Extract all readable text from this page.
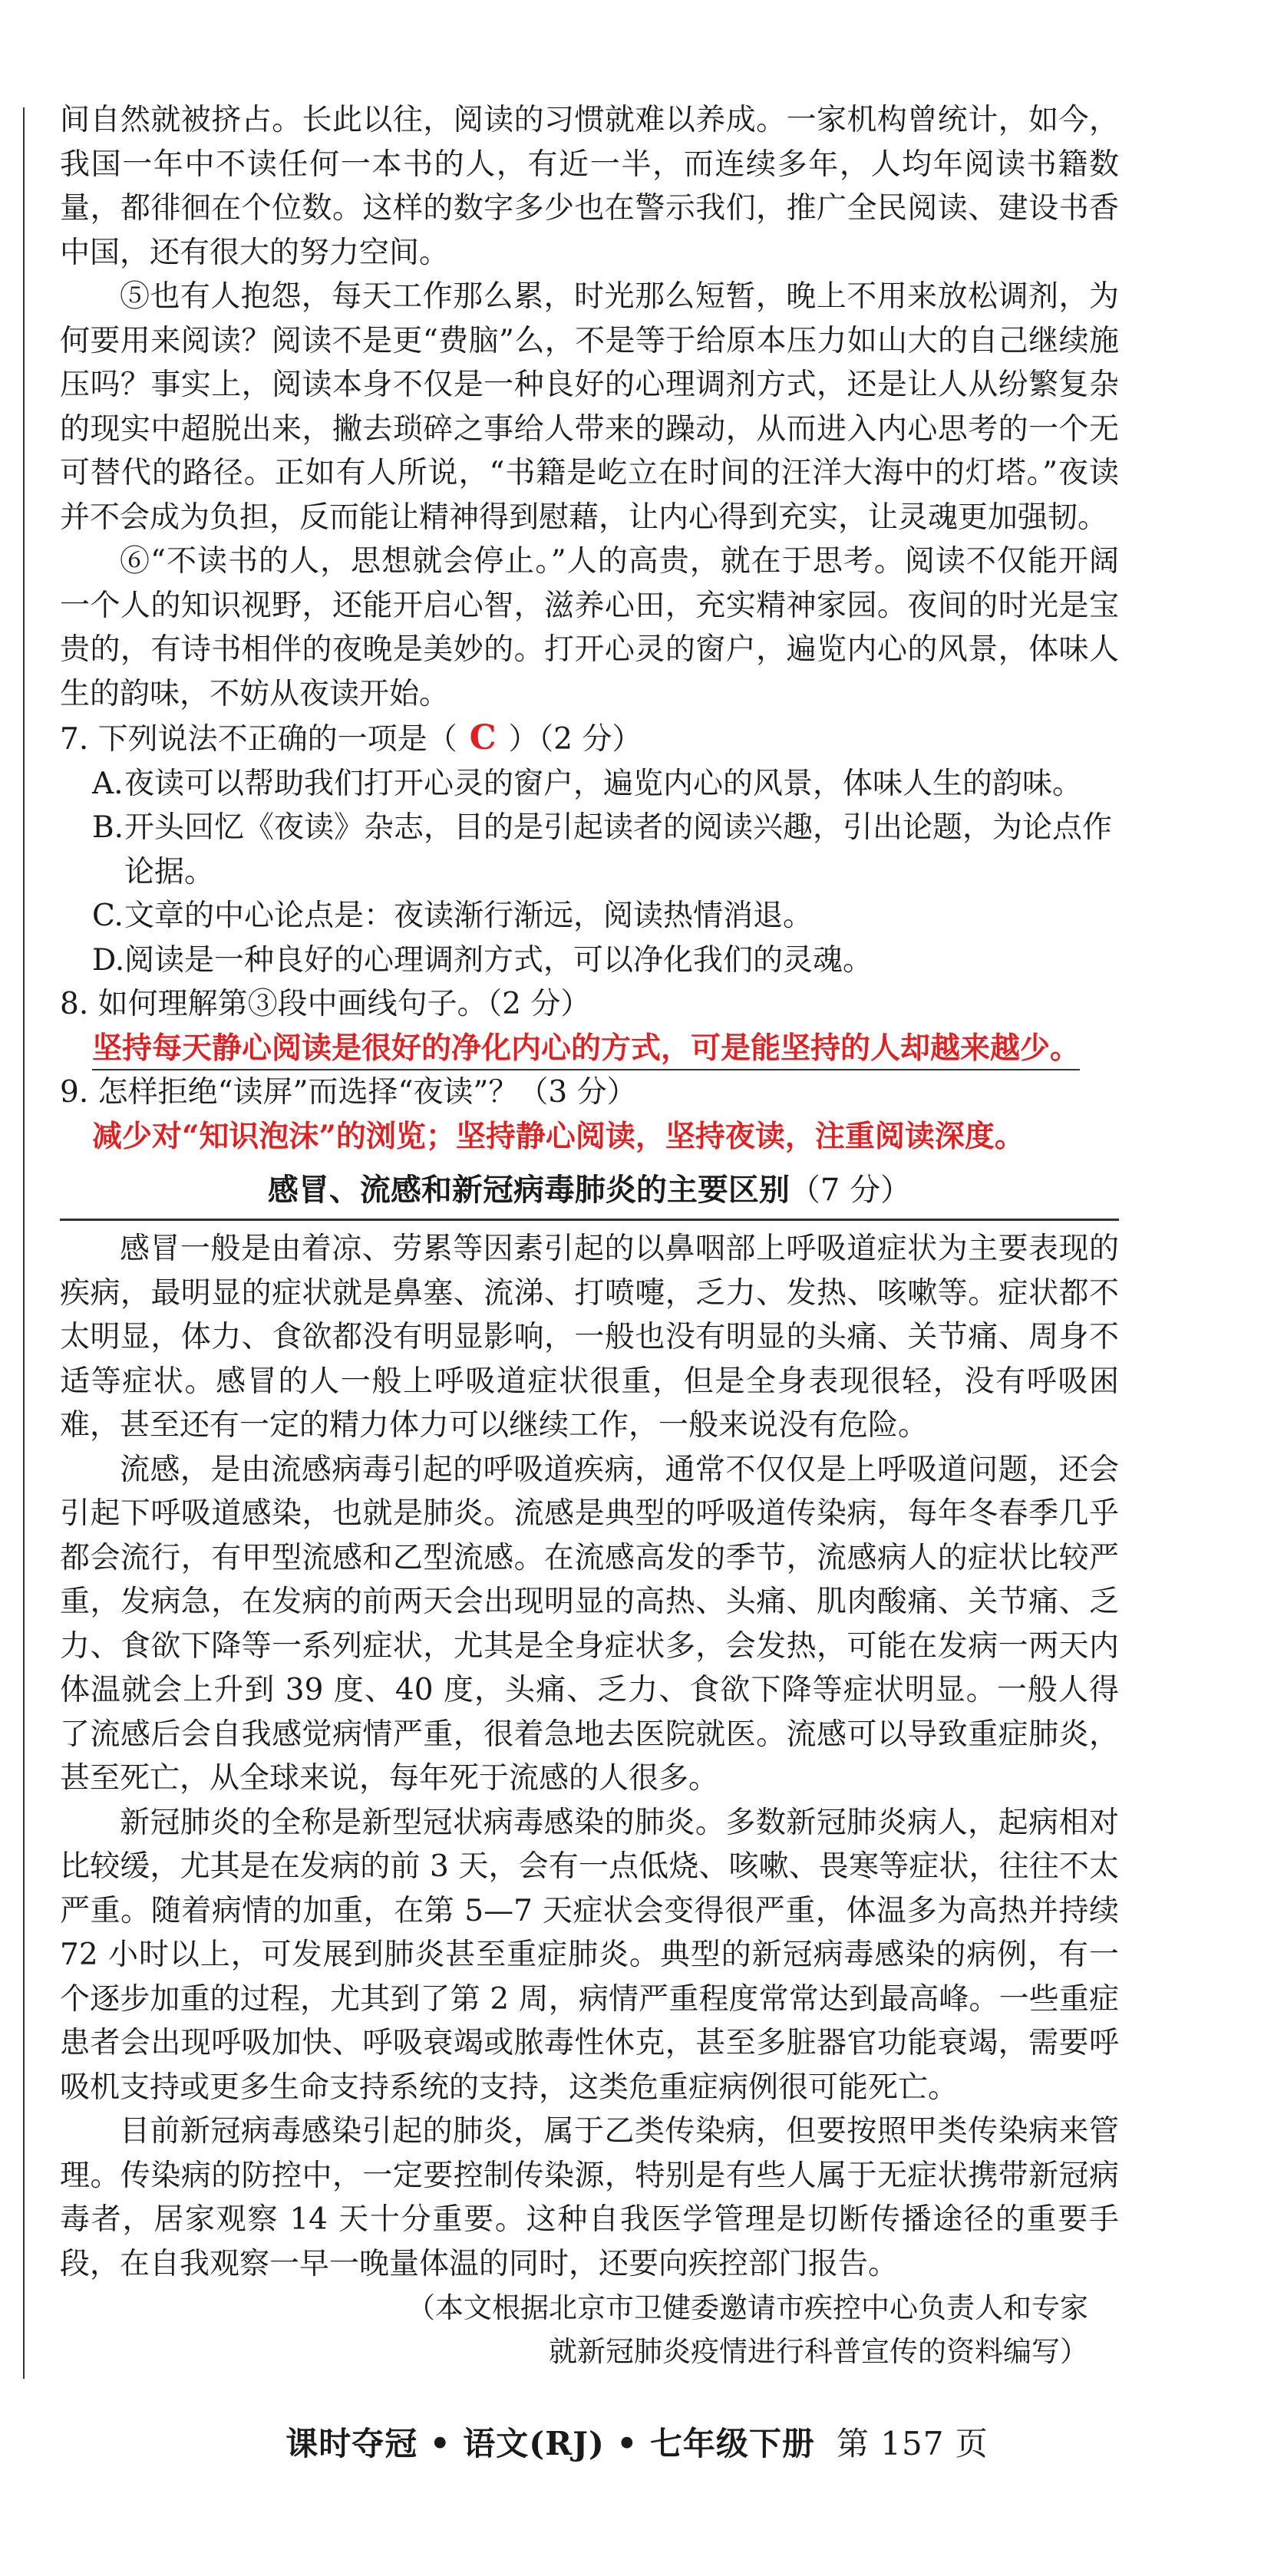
间自然就被挤占。长此以往，阅读的习惯就难以养成。一家机构曾统计，如今，我国一年中不读任何一本书的人，有近一半，而连续多年，人均年阅读书籍数量，都徘徊在个位数。这样的数字多少也在警示我们，推广全民阅读、建设书香中国，还有很大的努力空间。

⑤也有人抱怨，每天工作那么累，时光那么短暂，晚上不用来放松调剂，为何要用来阅读？阅读不是更“费脑”么，不是等于给原本压力如山大的自己继续施压吗？事实上，阅读本身不仅是一种良好的心理调剂方式，还是让人从纷繁复杂的现实中超脱出来，撇去琐碎之事给人带来的躁动，从而进入内心思考的一个无可替代的路径。正如有人所说，“书籍是屹立在时间的汪洋大海中的灯塔。”夜读并不会成为负担，反而能让精神得到慰藉，让内心得到充实，让灵魂更加强韧。

⑥“不读书的人，思想就会停止。”人的高贵，就在于思考。阅读不仅能开阔一个人的知识视野，还能开启心智，滋养心田，充实精神家园。夜间的时光是宝贵的，有诗书相伴的夜晚是美妙的。打开心灵的窗户，遍览内心的风景，体味人生的韵味，不妨从夜读开始。

7. 下列说法不正确的一项是（ C ）（2 分）

A.夜读可以帮助我们打开心灵的窗户，遍览内心的风景，体味人生的韵味。

B.开头回忆《夜读》杂志，目的是引起读者的阅读兴趣，引出论题，为论点作论据。

C.文章的中心论点是：夜读渐行渐远，阅读热情消退。

D.阅读是一种良好的心理调剂方式，可以净化我们的灵魂。

8. 如何理解第③段中画线句子。（2 分）

坚持每天静心阅读是很好的净化内心的方式，可是能坚持的人却越来越少。

9. 怎样拒绝“读屏”而选择“夜读”？（3 分）

减少对“知识泡沫”的浏览；坚持静心阅读，坚持夜读，注重阅读深度。

感冒、流感和新冠病毒肺炎的主要区别（7 分）

感冒一般是由着凉、劳累等因素引起的以鼻咽部上呼吸道症状为主要表现的疾病，最明显的症状就是鼻塞、流涕、打喷嚏，乏力、发热、咳嗽等。症状都不太明显，体力、食欲都没有明显影响，一般也没有明显的头痛、关节痛、周身不适等症状。感冒的人一般上呼吸道症状很重，但是全身表现很轻，没有呼吸困难，甚至还有一定的精力体力可以继续工作，一般来说没有危险。

流感，是由流感病毒引起的呼吸道疾病，通常不仅仅是上呼吸道问题，还会引起下呼吸道感染，也就是肺炎。流感是典型的呼吸道传染病，每年冬春季几乎都会流行，有甲型流感和乙型流感。在流感高发的季节，流感病人的症状比较严重，发病急，在发病的前两天会出现明显的高热、头痛、肌肉酸痛、关节痛、乏力、食欲下降等一系列症状，尤其是全身症状多，会发热，可能在发病一两天内体温就会上升到 39 度、40 度，头痛、乏力、食欲下降等症状明显。一般人得了流感后会自我感觉病情严重，很着急地去医院就医。流感可以导致重症肺炎，甚至死亡，从全球来说，每年死于流感的人很多。

新冠肺炎的全称是新型冠状病毒感染的肺炎。多数新冠肺炎病人，起病相对比较缓，尤其是在发病的前 3 天，会有一点低烧、咳嗽、畏寒等症状，往往不太严重。随着病情的加重，在第 5—7 天症状会变得很严重，体温多为高热并持续 72 小时以上，可发展到肺炎甚至重症肺炎。典型的新冠病毒感染的病例，有一个逐步加重的过程，尤其到了第 2 周，病情严重程度常常达到最高峰。一些重症患者会出现呼吸加快、呼吸衰竭或脓毒性休克，甚至多脏器官功能衰竭，需要呼吸机支持或更多生命支持系统的支持，这类危重症病例很可能死亡。

目前新冠病毒感染引起的肺炎，属于乙类传染病，但要按照甲类传染病来管理。传染病的防控中，一定要控制传染源，特别是有些人属于无症状携带新冠病毒者，居家观察 14 天十分重要。这种自我医学管理是切断传播途径的重要手段，在自我观察一早一晚量体温的同时，还要向疾控部门报告。

（本文根据北京市卫健委邀请市疾控中心负责人和专家

就新冠肺炎疫情进行科普宣传的资料编写）

课时夺冠 • 语文(RJ) • 七年级下册 第 157 页
